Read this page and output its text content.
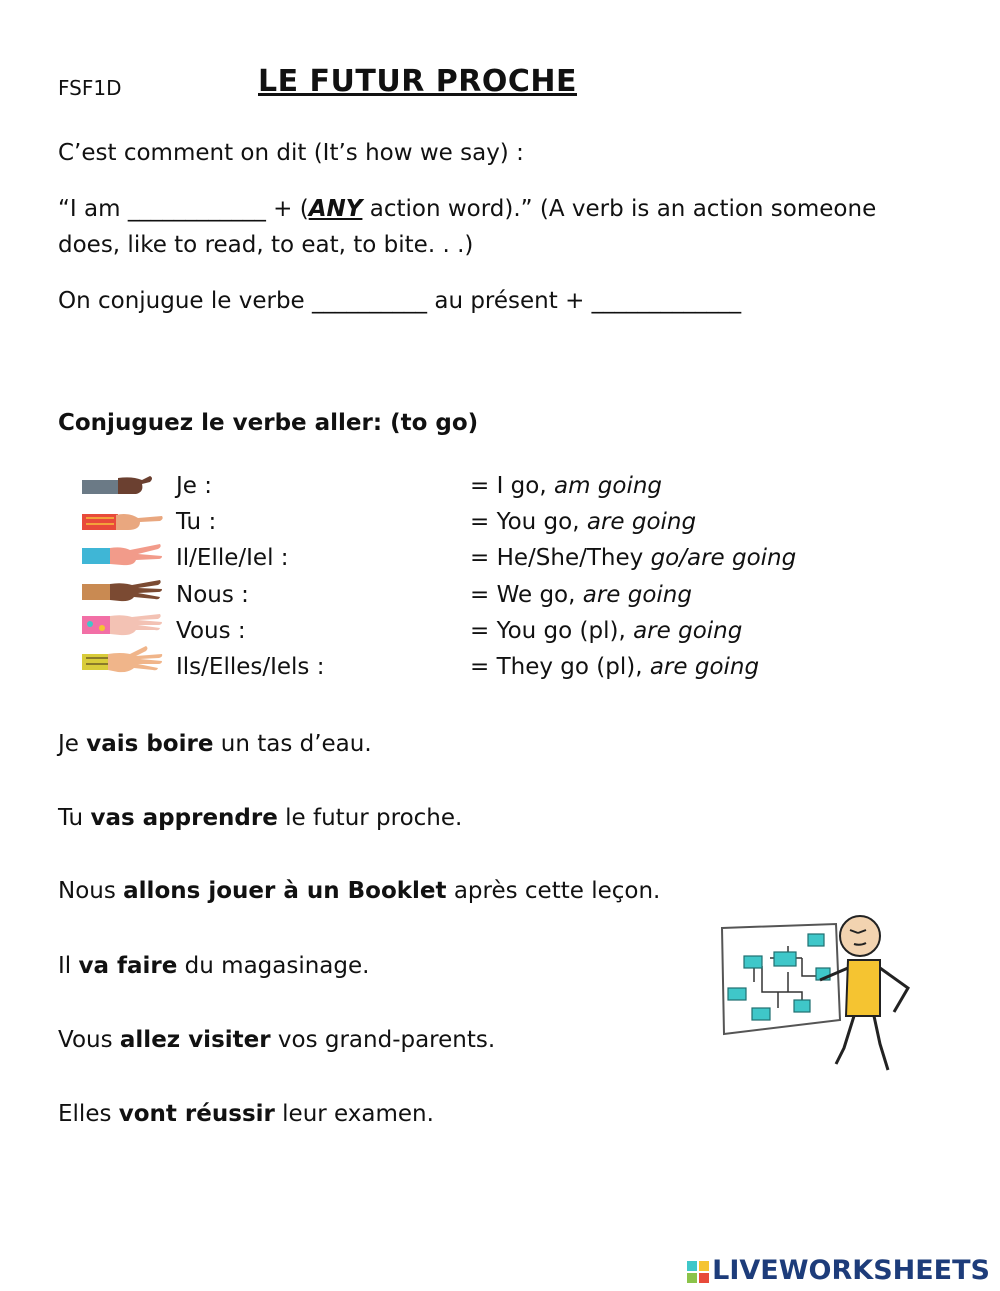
FSF1D	LE FUTUR PROCHE
C’est comment on dit (It’s how we say) :
“I am ____________ + (ANY action word).” (A verb is an action someone
does, like to read, to eat, to bite. . .)
On conjugue le verbe __________ au présent + _____________
Conjuguez le verbe aller: (to go)
Je :	= I go, am going
Tu :	= You go, are going
Il/Elle/Iel :	= He/She/They go/are going
Nous :	= We go, are going
Vous :	= You go (pl), are going
Ils/Elles/Iels :	= They go (pl), are going
Je vais boire un tas d’eau.
Tu vas apprendre le futur proche.
Nous allons jouer à un Booklet après cette leçon.
Il va faire du magasinage.
Vous allez visiter vos grand-parents.
Elles vont réussir leur examen.
LIVEWORKSHEETS
